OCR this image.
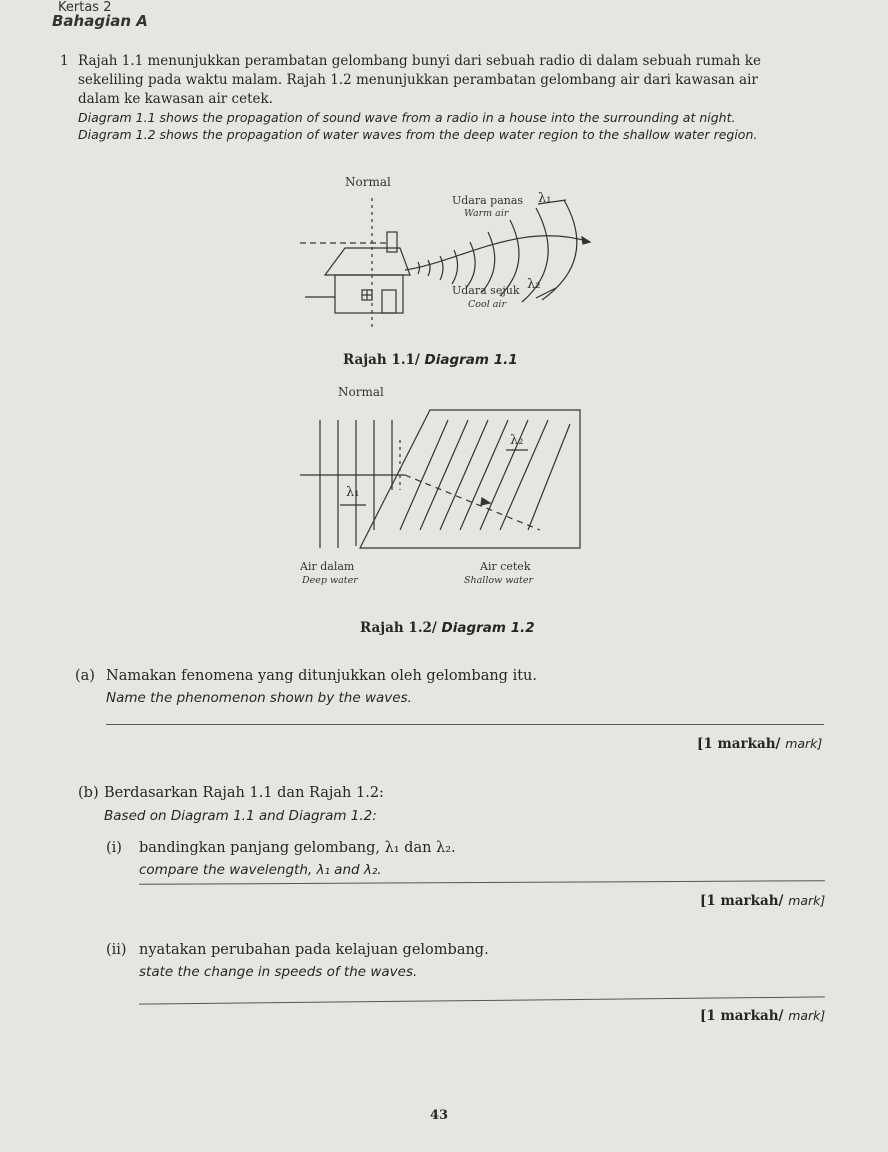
Kertas 2
Bahagian A
1 Rajah 1.1 menunjukkan perambatan gelombang bunyi dari sebuah radio di dalam sebuah rumah ke
sekeliling pada waktu malam. Rajah 1.2 menunjukkan perambatan gelombang air dari kawasan air
dalam ke kawasan air cetek.
Diagram 1.1 shows the propagation of sound wave from a radio in a house into the surrounding at night.
Diagram 1.2 shows the propagation of water waves from the deep water region to the shallow water region.
Normal
Udara panas
Warm air
λ₁
Udara sejuk
Cool air
λ₂
Rajah 1.1/ Diagram 1.1
Normal
λ₁
λ₂
Air dalam
Deep water
Air cetek
Shallow water
Rajah 1.2/ Diagram 1.2
(a) Namakan fenomena yang ditunjukkan oleh gelombang itu.
Name the phenomenon shown by the waves.
[1 markah/ mark]
(b) Berdasarkan Rajah 1.1 dan Rajah 1.2:
Based on Diagram 1.1 and Diagram 1.2:
(i) bandingkan panjang gelombang, λ₁ dan λ₂.
compare the wavelength, λ₁ and λ₂.
[1 markah/ mark]
(ii) nyatakan perubahan pada kelajuan gelombang.
state the change in speeds of the waves.
[1 markah/ mark]
43
